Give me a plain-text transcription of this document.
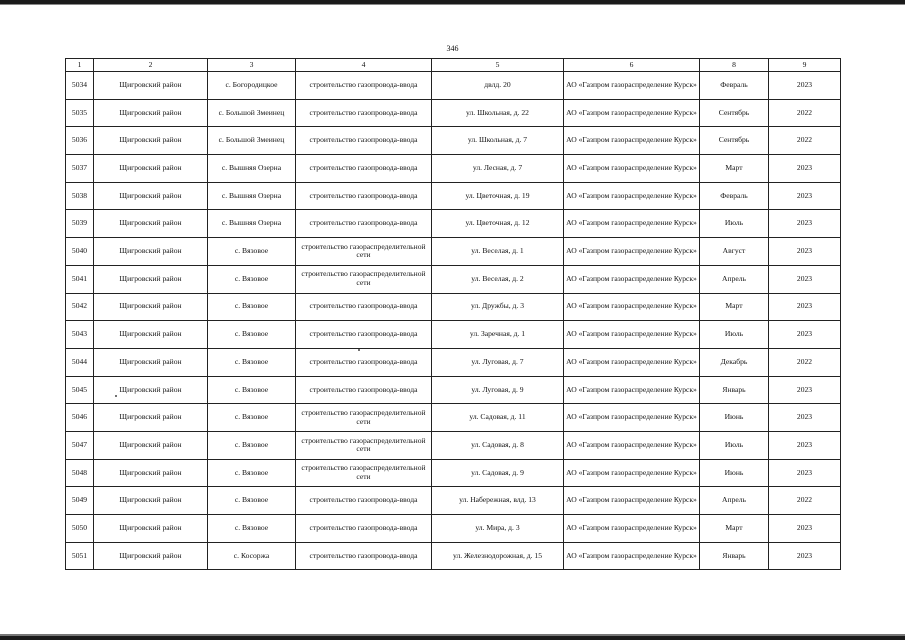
346
1	2	3	4	5	6	8	9
5034	Щигровский район	с. Богородицкое	строительство газопровода-ввода	двлд. 20	АО «Газпром газораспределение Курск»	Февраль	2023
5035	Щигровский район	с. Большой Змеинец	строительство газопровода-ввода	ул. Школьная, д. 22	АО «Газпром газораспределение Курск»	Сентябрь	2022
5036	Щигровский район	с. Большой Змеинец	строительство газопровода-ввода	ул. Школьная, д. 7	АО «Газпром газораспределение Курск»	Сентябрь	2022
5037	Щигровский район	с. Вышняя Озерна	строительство газопровода-ввода	ул. Лесная, д. 7	АО «Газпром газораспределение Курск»	Март	2023
5038	Щигровский район	с. Вышняя Озерна	строительство газопровода-ввода	ул. Цветочная, д. 19	АО «Газпром газораспределение Курск»	Февраль	2023
5039	Щигровский район	с. Вышняя Озерна	строительство газопровода-ввода	ул. Цветочная, д. 12	АО «Газпром газораспределение Курск»	Июль	2023
5040	Щигровский район	с. Вязовое	строительство газораспределительной сети	ул. Веселая, д. 1	АО «Газпром газораспределение Курск»	Август	2023
5041	Щигровский район	с. Вязовое	строительство газораспределительной сети	ул. Веселая, д. 2	АО «Газпром газораспределение Курск»	Апрель	2023
5042	Щигровский район	с. Вязовое	строительство газопровода-ввода	ул. Дружбы, д. 3	АО «Газпром газораспределение Курск»	Март	2023
5043	Щигровский район	с. Вязовое	строительство газопровода-ввода	ул. Заречная, д. 1	АО «Газпром газораспределение Курск»	Июль	2023
5044	Щигровский район	с. Вязовое	строительство газопровода-ввода	ул. Луговая, д. 7	АО «Газпром газораспределение Курск»	Декабрь	2022
5045	Щигровский район	с. Вязовое	строительство газопровода-ввода	ул. Луговая, д. 9	АО «Газпром газораспределение Курск»	Январь	2023
5046	Щигровский район	с. Вязовое	строительство газораспределительной сети	ул. Садовая, д. 11	АО «Газпром газораспределение Курск»	Июнь	2023
5047	Щигровский район	с. Вязовое	строительство газораспределительной сети	ул. Садовая, д. 8	АО «Газпром газораспределение Курск»	Июль	2023
5048	Щигровский район	с. Вязовое	строительство газораспределительной сети	ул. Садовая, д. 9	АО «Газпром газораспределение Курск»	Июнь	2023
5049	Щигровский район	с. Вязовое	строительство газопровода-ввода	ул. Набережная, влд. 13	АО «Газпром газораспределение Курск»	Апрель	2022
5050	Щигровский район	с. Вязовое	строительство газопровода-ввода	ул. Мира, д. 3	АО «Газпром газораспределение Курск»	Март	2023
5051	Щигровский район	с. Косоржа	строительство газопровода-ввода	ул. Железнодорожная, д. 15	АО «Газпром газораспределение Курск»	Январь	2023
